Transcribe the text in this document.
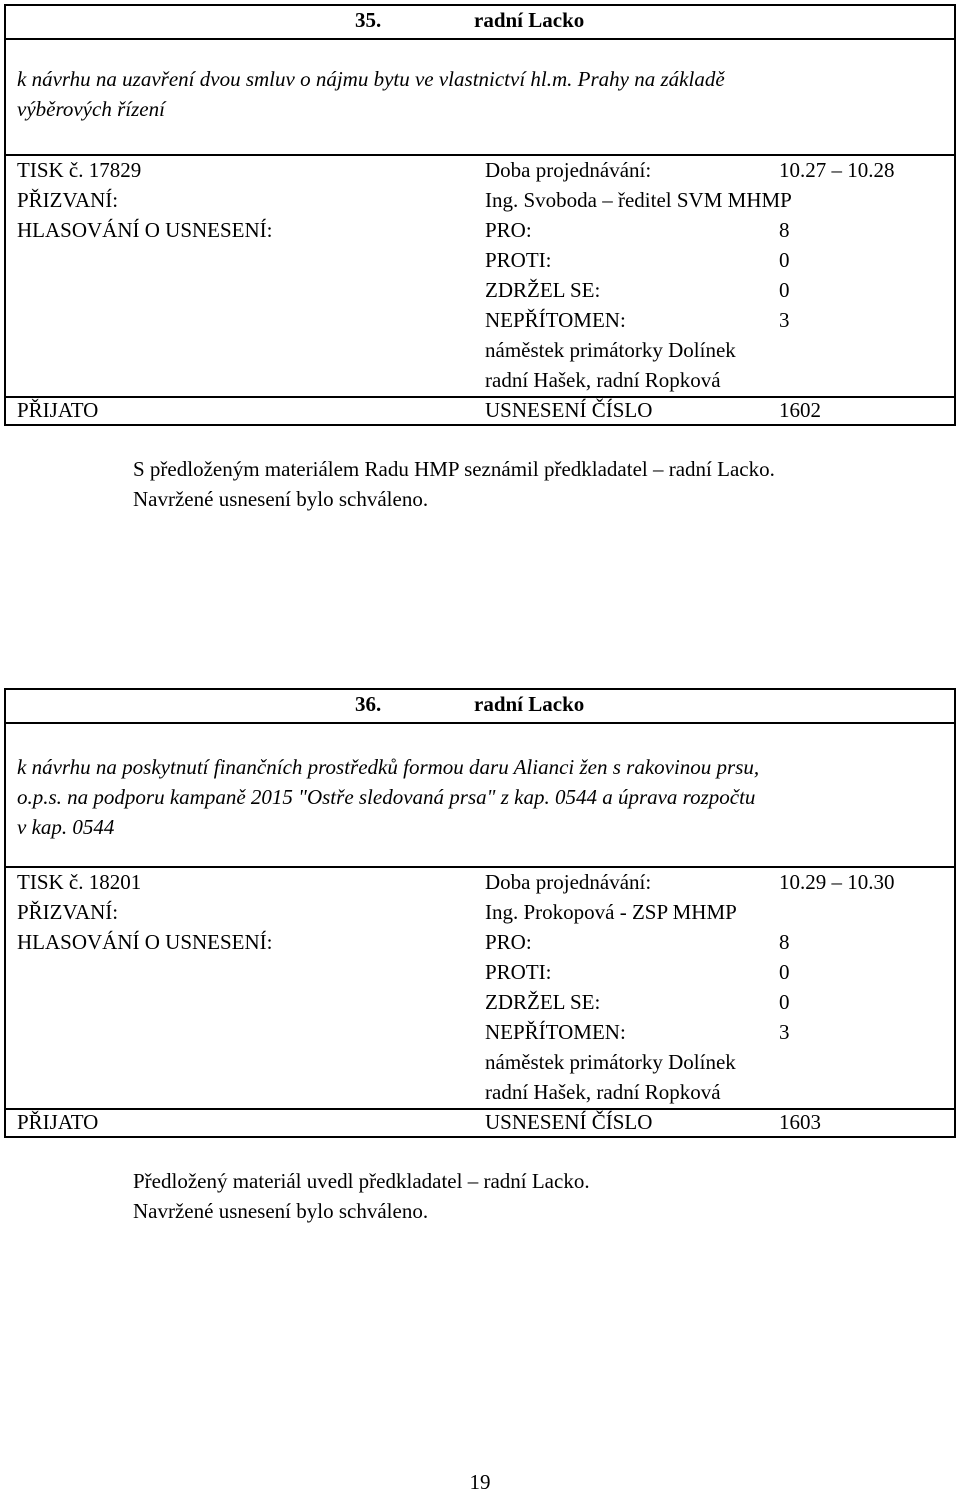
35.	radní Lacko
k návrhu na uzavření dvou smluv o nájmu bytu ve vlastnictví hl.m. Prahy na základě
výběrových řízení
TISK č. 17829	Doba projednávání:	10.27 – 10.28
PŘIZVANÍ:	Ing. Svoboda – ředitel SVM MHMP
HLASOVÁNÍ O USNESENÍ:	PRO:	8
PROTI:	0
ZDRŽEL SE:	0
NEPŘÍTOMEN:	3
náměstek primátorky Dolínek
radní Hašek, radní Ropková
PŘIJATO	USNESENÍ ČÍSLO	1602
S předloženým materiálem Radu HMP seznámil předkladatel – radní Lacko.
Navržené usnesení bylo schváleno.
36.	radní Lacko
k návrhu na poskytnutí finančních prostředků formou daru Alianci žen s rakovinou prsu,
o.p.s. na podporu kampaně 2015 "Ostře sledovaná prsa" z kap. 0544 a úprava rozpočtu
v kap. 0544
TISK č. 18201	Doba projednávání:	10.29 – 10.30
PŘIZVANÍ:	Ing. Prokopová - ZSP MHMP
HLASOVÁNÍ O USNESENÍ:	PRO:	8
PROTI:	0
ZDRŽEL SE:	0
NEPŘÍTOMEN:	3
náměstek primátorky Dolínek
radní Hašek, radní Ropková
PŘIJATO	USNESENÍ ČÍSLO	1603
Předložený materiál uvedl předkladatel – radní Lacko.
Navržené usnesení bylo schváleno.
19
